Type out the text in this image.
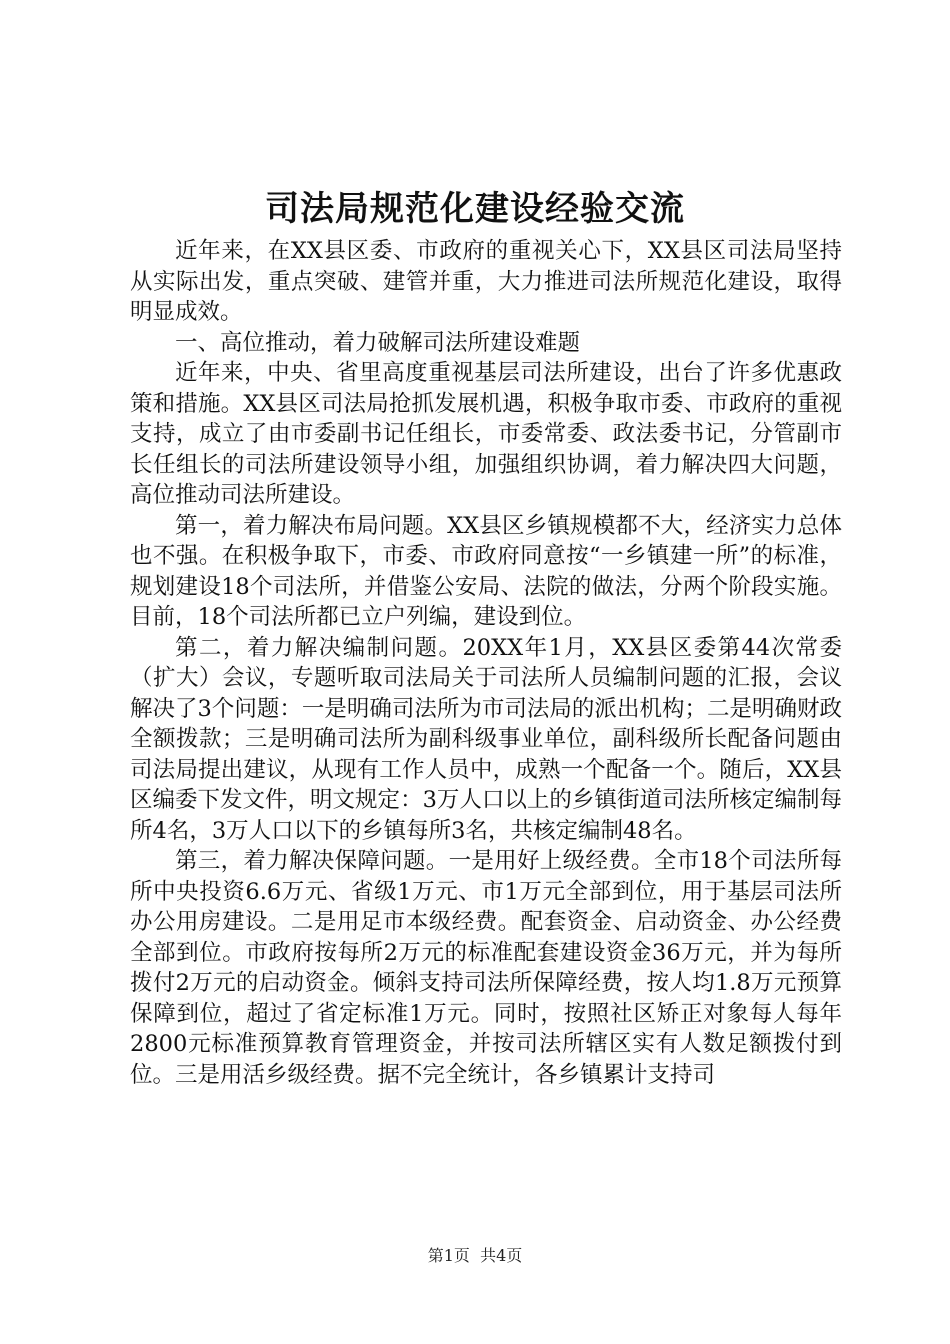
司法局规范化建设经验交流

近年来，在XX县区委、市政府的重视关心下，XX县区司法局坚持从实际出发，重点突破、建管并重，大力推进司法所规范化建设，取得明显成效。

一、高位推动，着力破解司法所建设难题

近年来，中央、省里高度重视基层司法所建设，出台了许多优惠政策和措施。XX县区司法局抢抓发展机遇，积极争取市委、市政府的重视支持，成立了由市委副书记任组长，市委常委、政法委书记，分管副市长任组长的司法所建设领导小组，加强组织协调，着力解决四大问题，高位推动司法所建设。

第一，着力解决布局问题。XX县区乡镇规模都不大，经济实力总体也不强。在积极争取下，市委、市政府同意按“一乡镇建一所”的标准，规划建设18个司法所，并借鉴公安局、法院的做法，分两个阶段实施。目前，18个司法所都已立户列编，建设到位。

第二，着力解决编制问题。20XX年1月，XX县区委第44次常委（扩大）会议，专题听取司法局关于司法所人员编制问题的汇报，会议解决了3个问题：一是明确司法所为市司法局的派出机构；二是明确财政全额拨款；三是明确司法所为副科级事业单位，副科级所长配备问题由司法局提出建议，从现有工作人员中，成熟一个配备一个。随后，XX县区编委下发文件，明文规定：3万人口以上的乡镇街道司法所核定编制每所4名，3万人口以下的乡镇每所3名，共核定编制48名。

第三，着力解决保障问题。一是用好上级经费。全市18个司法所每所中央投资6.6万元、省级1万元、市1万元全部到位，用于基层司法所办公用房建设。二是用足市本级经费。配套资金、启动资金、办公经费全部到位。市政府按每所2万元的标准配套建设资金36万元，并为每所拨付2万元的启动资金。倾斜支持司法所保障经费，按人均1.8万元预算保障到位，超过了省定标准1万元。同时，按照社区矫正对象每人每年2800元标准预算教育管理资金，并按司法所辖区实有人数足额拨付到位。三是用活乡级经费。据不完全统计，各乡镇累计支持司

第1页  共4页
